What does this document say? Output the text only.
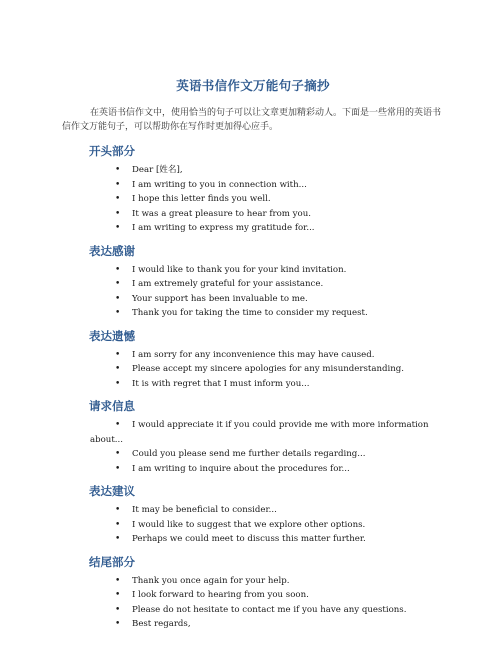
英语书信作文万能句子摘抄

在英语书信作文中，使用恰当的句子可以让文章更加精彩动人。下面是一些常用的英语书信作文万能句子，可以帮助你在写作时更加得心应手。

开头部分
• Dear [姓名],
• I am writing to you in connection with...
• I hope this letter finds you well.
• It was a great pleasure to hear from you.
• I am writing to express my gratitude for...
表达感谢
• I would like to thank you for your kind invitation.
• I am extremely grateful for your assistance.
• Your support has been invaluable to me.
• Thank you for taking the time to consider my request.
表达遗憾
• I am sorry for any inconvenience this may have caused.
• Please accept my sincere apologies for any misunderstanding.
• It is with regret that I must inform you...
请求信息
• I would appreciate it if you could provide me with more information
about...
• Could you please send me further details regarding...
• I am writing to inquire about the procedures for...
表达建议
• It may be beneficial to consider...
• I would like to suggest that we explore other options.
• Perhaps we could meet to discuss this matter further.
结尾部分
• Thank you once again for your help.
• I look forward to hearing from you soon.
• Please do not hesitate to contact me if you have any questions.
• Best regards,
